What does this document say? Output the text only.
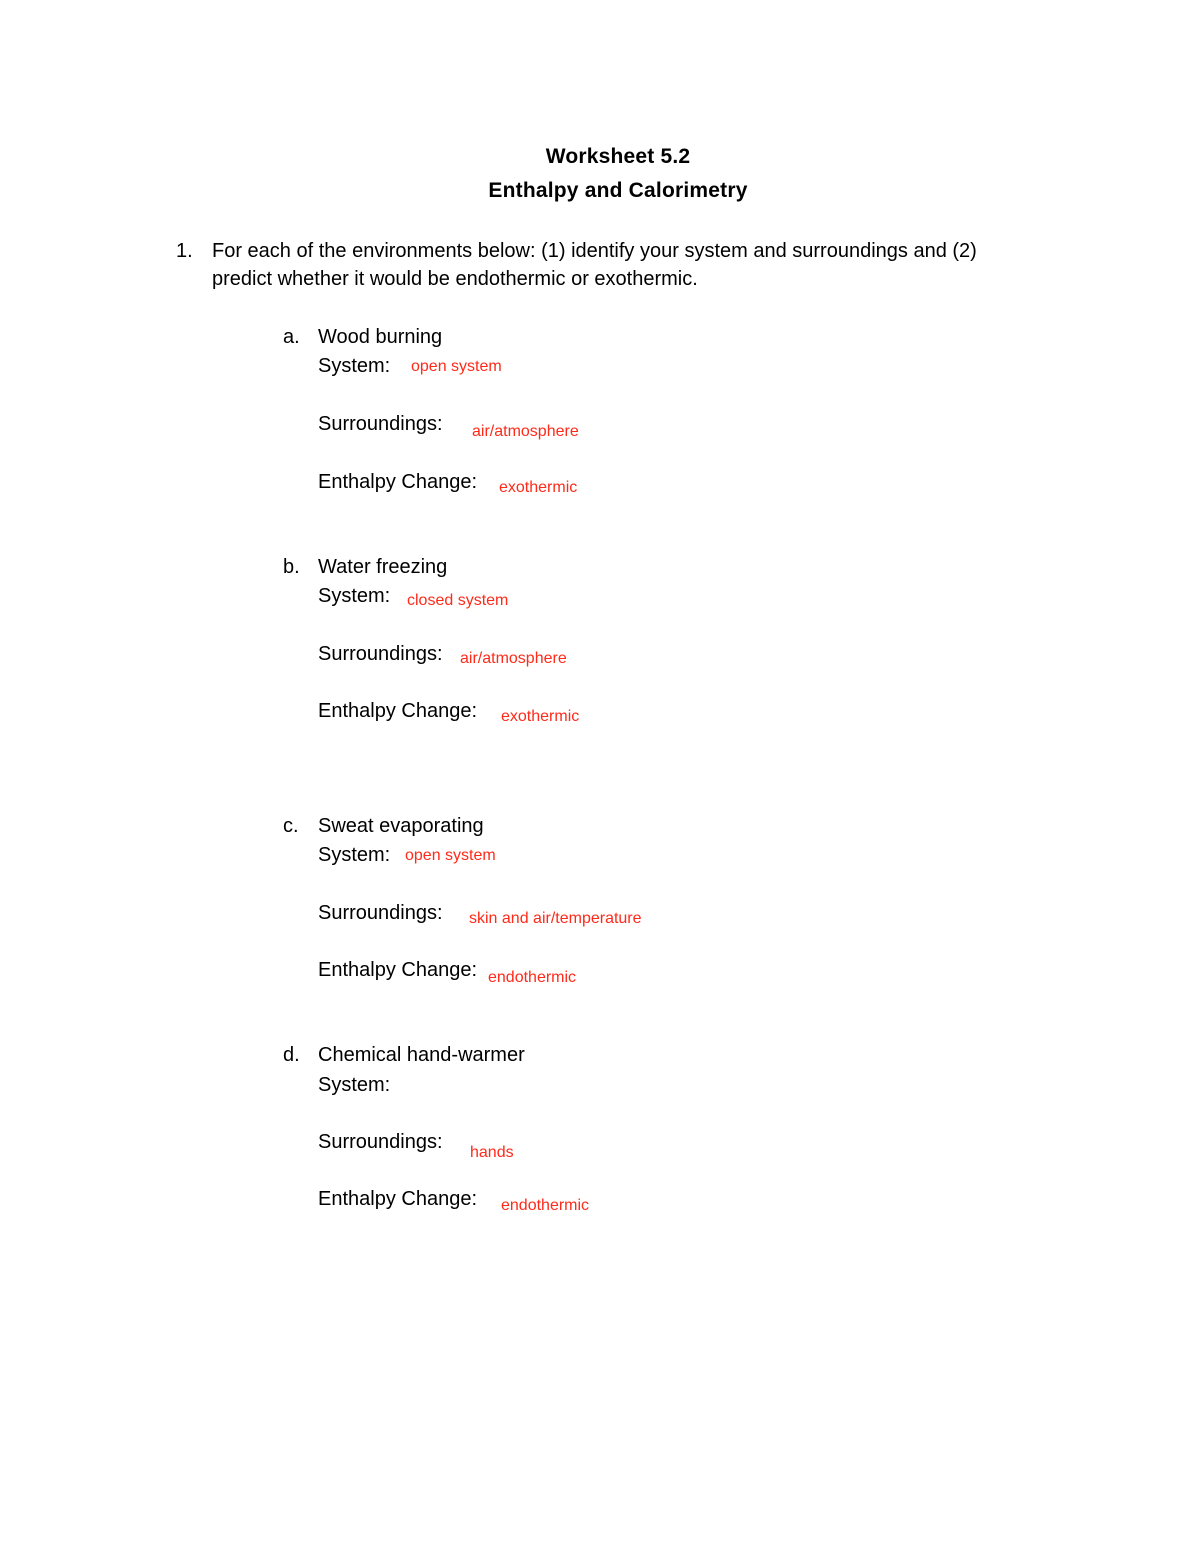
Worksheet 5.2
Enthalpy and Calorimetry
1. For each of the environments below: (1) identify your system and surroundings and (2)
predict whether it would be endothermic or exothermic.
a. Wood burning
System: open system
Surroundings: air/atmosphere
Enthalpy Change: exothermic
b. Water freezing
System: closed system
Surroundings: air/atmosphere
Enthalpy Change: exothermic
c. Sweat evaporating
System: open system
Surroundings: skin and air/temperature
Enthalpy Change: endothermic
d. Chemical hand-warmer
System:
Surroundings: hands
Enthalpy Change: endothermic
